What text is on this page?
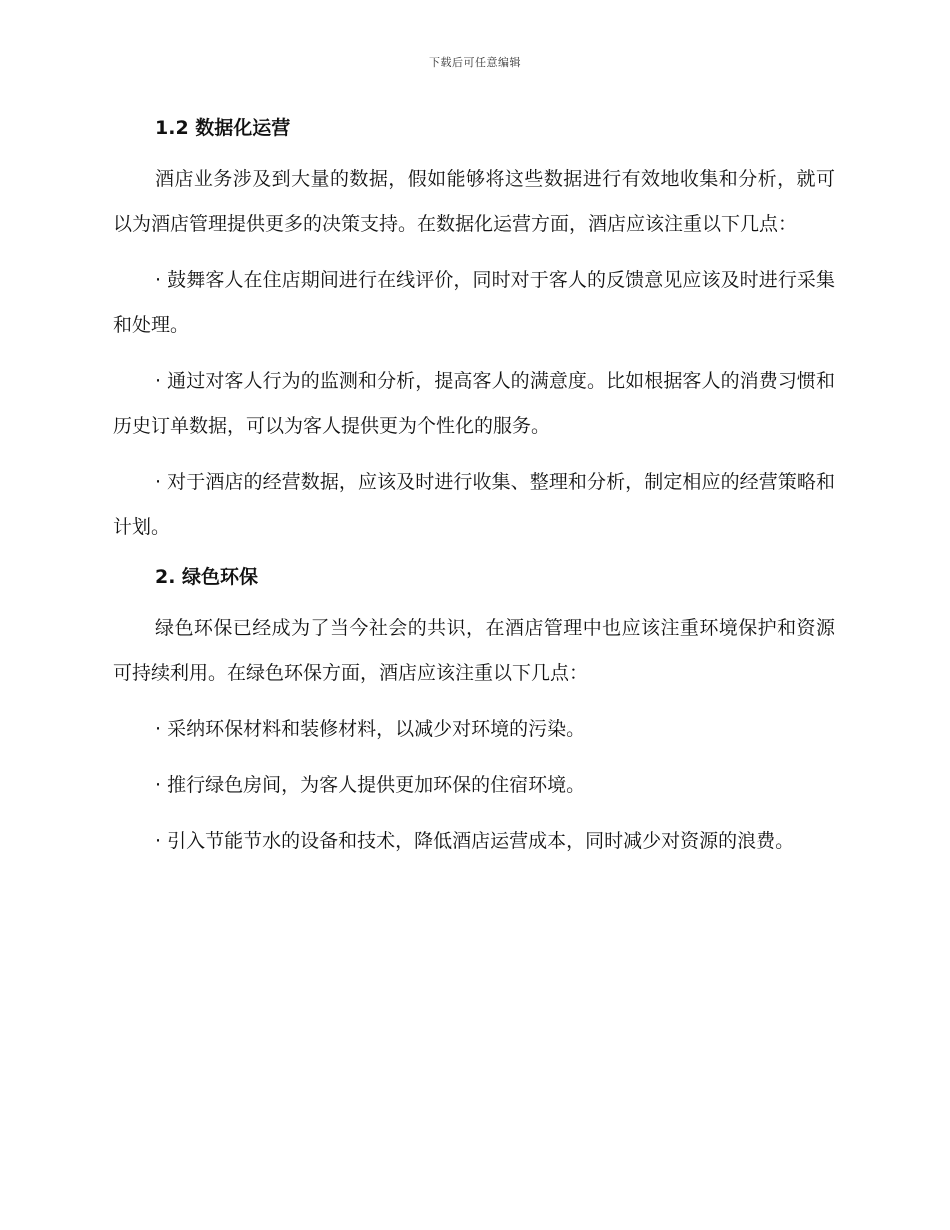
下载后可任意编辑
1.2 数据化运营

酒店业务涉及到大量的数据，假如能够将这些数据进行有效地收集和分析，就可以为酒店管理提供更多的决策支持。在数据化运营方面，酒店应该注重以下几点：

· 鼓舞客人在住店期间进行在线评价，同时对于客人的反馈意见应该及时进行采集和处理。

· 通过对客人行为的监测和分析，提高客人的满意度。比如根据客人的消费习惯和历史订单数据，可以为客人提供更为个性化的服务。

· 对于酒店的经营数据，应该及时进行收集、整理和分析，制定相应的经营策略和计划。

2. 绿色环保

绿色环保已经成为了当今社会的共识，在酒店管理中也应该注重环境保护和资源可持续利用。在绿色环保方面，酒店应该注重以下几点：

· 采纳环保材料和装修材料，以减少对环境的污染。

· 推行绿色房间，为客人提供更加环保的住宿环境。

· 引入节能节水的设备和技术，降低酒店运营成本，同时减少对资源的浪费。
